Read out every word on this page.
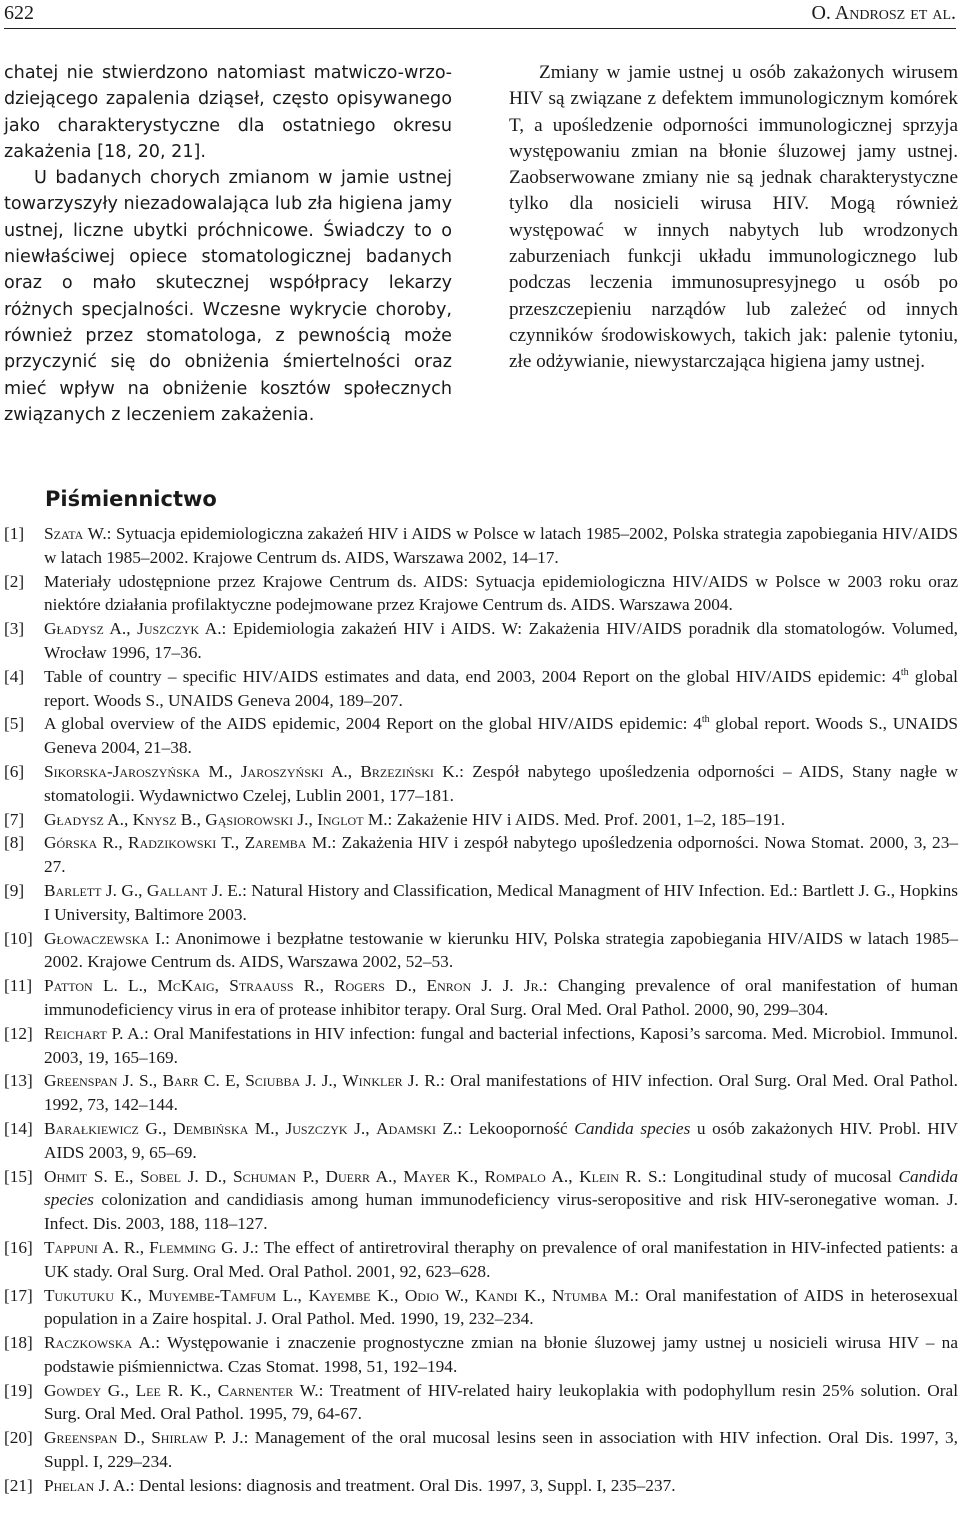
622	O. Androsz et al.

chatej nie stwierdzono natomiast matwiczo-wrzodziejącego zapalenia dziąseł, często opisywanego jako charakterystyczne dla ostatniego okresu zakażenia [18, 20, 21].

U badanych chorych zmianom w jamie ustnej towarzyszyły niezadowalająca lub zła higiena jamy ustnej, liczne ubytki próchnicowe. Świadczy to o niewłaściwej opiece stomatologicznej badanych oraz o mało skutecznej współpracy lekarzy różnych specjalności. Wczesne wykrycie choroby, również przez stomatologa, z pewnością może przyczynić się do obniżenia śmiertelności oraz mieć wpływ na obniżenie kosztów społecznych związanych z leczeniem zakażenia.

Zmiany w jamie ustnej u osób zakażonych wirusem HIV są związane z defektem immunologicznym komórek T, a upośledzenie odporności immunologicznej sprzyja występowaniu zmian na błonie śluzowej jamy ustnej. Zaobserwowane zmiany nie są jednak charakterystyczne tylko dla nosicieli wirusa HIV. Mogą również występować w innych nabytych lub wrodzonych zaburzeniach funkcji układu immunologicznego lub podczas leczenia immunosupresyjnego u osób po przeszczepieniu narządów lub zależeć od innych czynników środowiskowych, takich jak: palenie tytoniu, złe odżywianie, niewystarczająca higiena jamy ustnej.

Piśmiennictwo
[1] Szata W.: Sytuacja epidemiologiczna zakażeń HIV i AIDS w Polsce w latach 1985–2002, Polska strategia zapobiegania HIV/AIDS w latach 1985–2002. Krajowe Centrum ds. AIDS, Warszawa 2002, 14–17.
[2] Materiały udostępnione przez Krajowe Centrum ds. AIDS: Sytuacja epidemiologiczna HIV/AIDS w Polsce w 2003 roku oraz niektóre działania profilaktyczne podejmowane przez Krajowe Centrum ds. AIDS. Warszawa 2004.
[3] Gładysz A., Juszczyk A.: Epidemiologia zakażeń HIV i AIDS. W: Zakażenia HIV/AIDS poradnik dla stomatologów. Volumed, Wrocław 1996, 17–36.
[4] Table of country – specific HIV/AIDS estimates and data, end 2003, 2004 Report on the global HIV/AIDS epidemic: 4th global report. Woods S., UNAIDS Geneva 2004, 189–207.
[5] A global overview of the AIDS epidemic, 2004 Report on the global HIV/AIDS epidemic: 4th global report. Woods S., UNAIDS Geneva 2004, 21–38.
[6] Sikorska-Jaroszyńska M., Jaroszyński A., Brzeziński K.: Zespół nabytego upośledzenia odporności – AIDS, Stany nagłe w stomatologii. Wydawnictwo Czelej, Lublin 2001, 177–181.
[7] Gładysz A., Knysz B., Gąsiorowski J., Inglot M.: Zakażenie HIV i AIDS. Med. Prof. 2001, 1–2, 185–191.
[8] Górska R., Radzikowski T., Zaremba M.: Zakażenia HIV i zespół nabytego upośledzenia odporności. Nowa Stomat. 2000, 3, 23–27.
[9] Barlett J. G., Gallant J. E.: Natural History and Classification, Medical Managment of HIV Infection. Ed.: Bartlett J. G., Hopkins I University, Baltimore 2003.
[10] Głowaczewska I.: Anonimowe i bezpłatne testowanie w kierunku HIV, Polska strategia zapobiegania HIV/AIDS w latach 1985–2002. Krajowe Centrum ds. AIDS, Warszawa 2002, 52–53.
[11] Patton L. L., McKaig, Straauss R., Rogers D., Enron J. J. Jr.: Changing prevalence of oral manifestation of human immunodeficiency virus in era of protease inhibitor terapy. Oral Surg. Oral Med. Oral Pathol. 2000, 90, 299–304.
[12] Reichart P. A.: Oral Manifestations in HIV infection: fungal and bacterial infections, Kaposi’s sarcoma. Med. Microbiol. Immunol. 2003, 19, 165–169.
[13] Greenspan J. S., Barr C. E, Sciubba J. J., Winkler J. R.: Oral manifestations of HIV infection. Oral Surg. Oral Med. Oral Pathol. 1992, 73, 142–144.
[14] Barałkiewicz G., Dembińska M., Juszczyk J., Adamski Z.: Lekooporność Candida species u osób zakażonych HIV. Probl. HIV AIDS 2003, 9, 65–69.
[15] Ohmit S. E., Sobel J. D., Schuman P., Duerr A., Mayer K., Rompalo A., Klein R. S.: Longitudinal study of mucosal Candida species colonization and candidiasis among human immunodeficiency virus-seropositive and risk HIV-seronegative woman. J. Infect. Dis. 2003, 188, 118–127.
[16] Tappuni A. R., Flemming G. J.: The effect of antiretroviral theraphy on prevalence of oral manifestation in HIV-infected patients: a UK stady. Oral Surg. Oral Med. Oral Pathol. 2001, 92, 623–628.
[17] Tukutuku K., Muyembe-Tamfum L., Kayembe K., Odio W., Kandi K., Ntumba M.: Oral manifestation of AIDS in heterosexual population in a Zaire hospital. J. Oral Pathol. Med. 1990, 19, 232–234.
[18] Raczkowska A.: Występowanie i znaczenie prognostyczne zmian na błonie śluzowej jamy ustnej u nosicieli wirusa HIV – na podstawie piśmiennictwa. Czas Stomat. 1998, 51, 192–194.
[19] Gowdey G., Lee R. K., Carnenter W.: Treatment of HIV-related hairy leukoplakia with podophyllum resin 25% solution. Oral Surg. Oral Med. Oral Pathol. 1995, 79, 64-67.
[20] Greenspan D., Shirlaw P. J.: Management of the oral mucosal lesins seen in association with HIV infection. Oral Dis. 1997, 3, Suppl. I, 229–234.
[21] Phelan J. A.: Dental lesions: diagnosis and treatment. Oral Dis. 1997, 3, Suppl. I, 235–237.
